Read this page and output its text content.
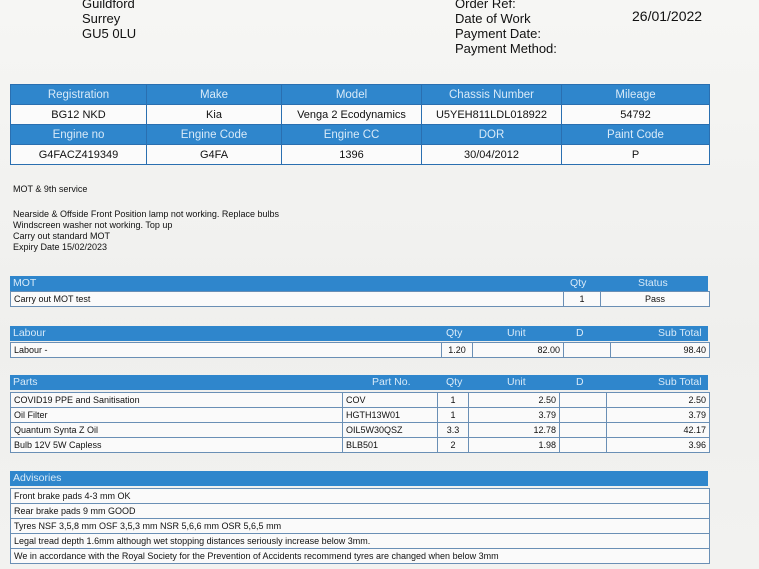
Guildford
Surrey
GU5 0LU
Order Ref:
Date of Work
Payment Date:
Payment Method:
26/01/2022
Registration	Make	Model	Chassis Number	Mileage
BG12 NKD	Kia	Venga 2 Ecodynamics	U5YEH811LDL018922	54792
Engine no	Engine Code	Engine CC	DOR	Paint Code
G4FACZ419349	G4FA	1396	30/04/2012	P
MOT & 9th service
Nearside & Offside Front Position lamp not working. Replace bulbs
Windscreen washer not working. Top up
Carry out standard MOT
Expiry Date 15/02/2023
MOT	Qty	Status
Carry out MOT test	1	Pass
Labour	Qty	Unit	D	Sub Total
Labour -	1.20	82.00		98.40
Parts	Part No.	Qty	Unit	D	Sub Total
COVID19 PPE and Sanitisation	COV	1	2.50		2.50
Oil Filter	HGTH13W01	1	3.79		3.79
Quantum Synta Z Oil	OIL5W30QSZ	3.3	12.78		42.17
Bulb 12V 5W Capless	BLB501	2	1.98		3.96
Advisories
Front brake pads 4-3 mm OK
Rear brake pads 9 mm GOOD
Tyres NSF 3,5,8 mm OSF 3,5,3 mm NSR 5,6,6 mm OSR 5,6,5 mm
Legal tread depth 1.6mm although wet stopping distances seriously increase below 3mm.
We in accordance with the Royal Society for the Prevention of Accidents recommend tyres are changed when below 3mm
